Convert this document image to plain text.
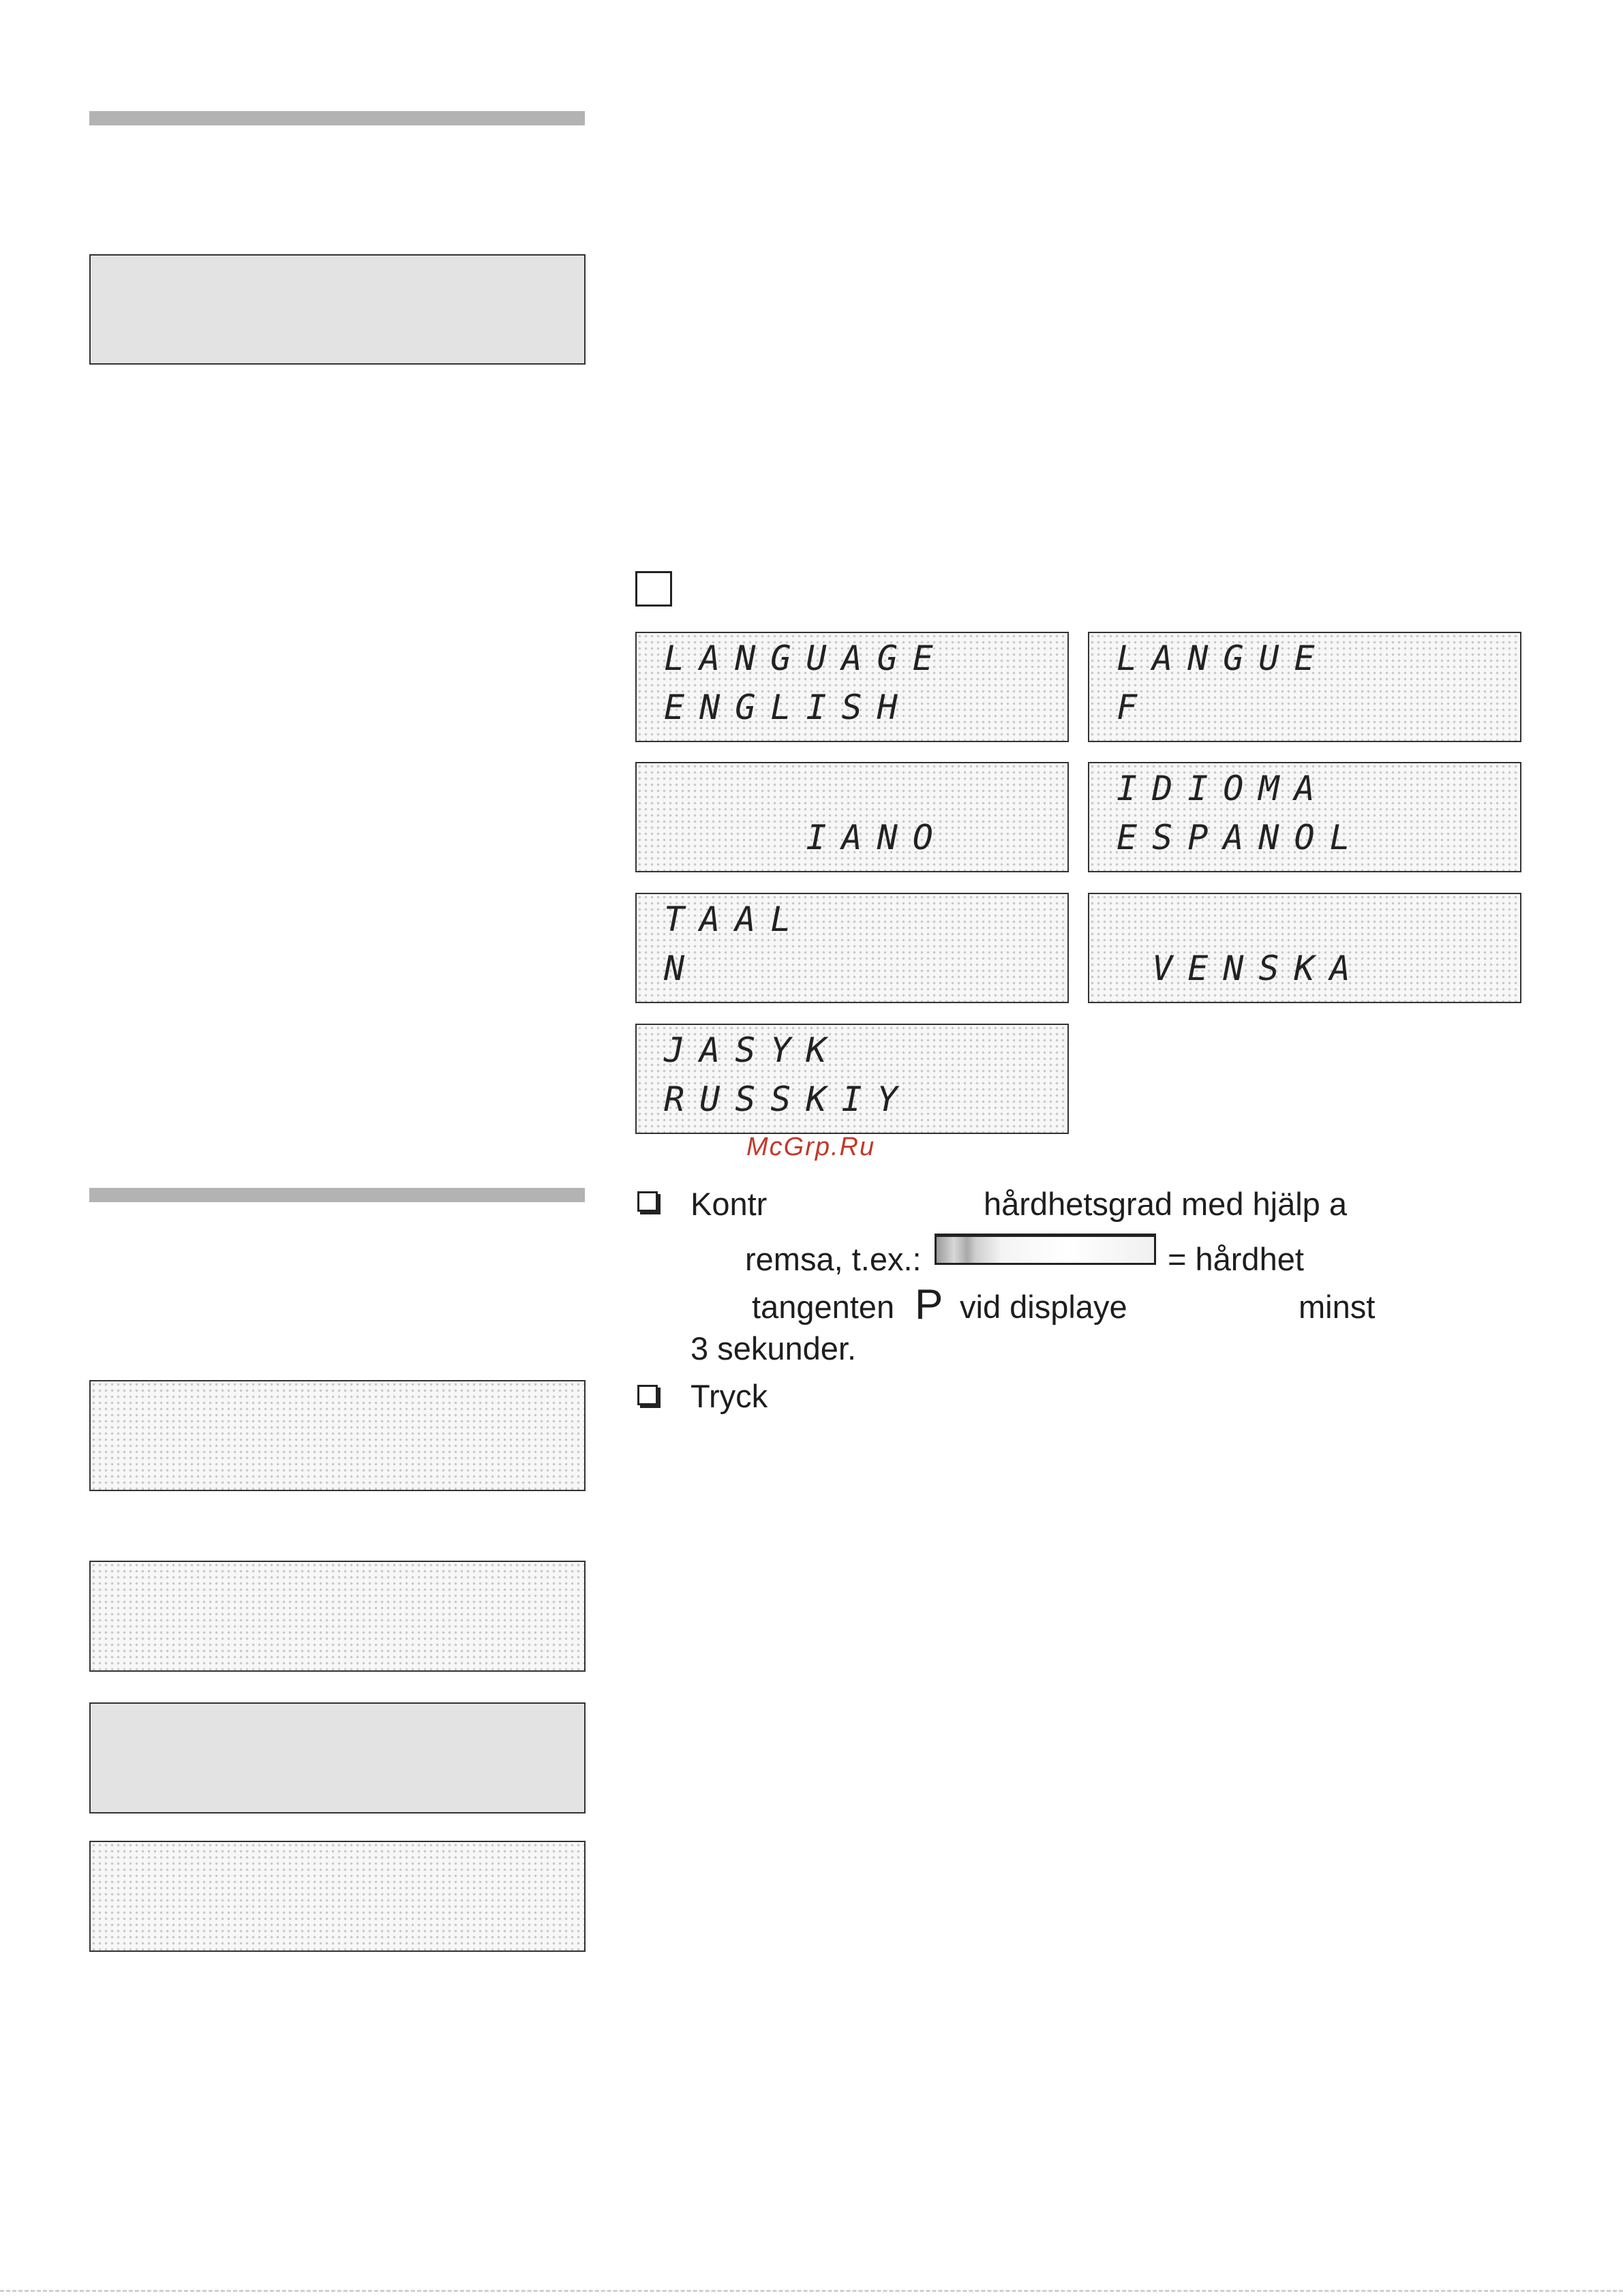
LANGUAGE
ENGLISH
LANGUE
F
IANO
IDIOMA
ESPANOL
TAAL
N	VENSKA
JASYK
RUSSKIY
McGrp.Ru
Kontr	hårdhetsgrad med hjälp a
remsa, t.ex.:	= hårdhet
tangenten P vid displaye	minst
3 sekunder.
Tryck
